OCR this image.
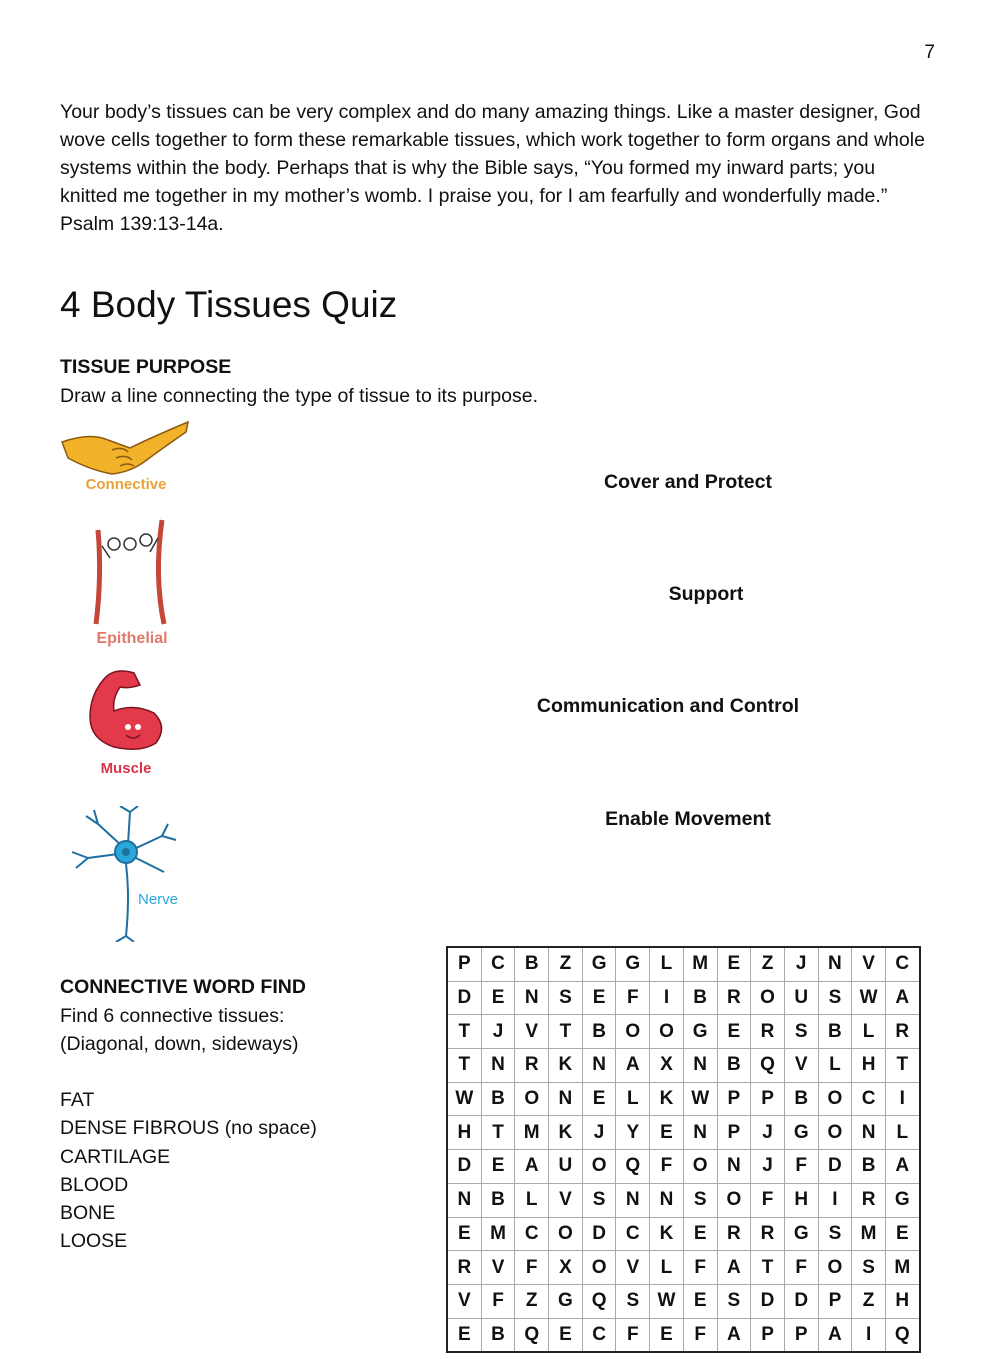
7

Your body’s tissues can be very complex and do many amazing things. Like a master designer, God wove cells together to form these remarkable tissues, which work together to form organs and whole systems within the body. Perhaps that is why the Bible says, “You formed my inward parts; you knitted me together in my mother’s womb. I praise you, for I am fearfully and wonderfully made.” Psalm 139:13-14a.

4 Body Tissues Quiz
TISSUE PURPOSE

Draw a line connecting the type of tissue to its purpose.

Connective
Epithelial
Muscle
Nerve
Cover and Protect
Support
Communication and Control
Enable Movement
CONNECTIVE WORD FIND

Find 6 connective tissues:

(Diagonal, down, sideways)

FAT
DENSE FIBROUS (no space)
CARTILAGE
BLOOD
BONE
LOOSE
P	C	B	Z	G	G	L	M	E	Z	J	N	V	C
D	E	N	S	E	F	I	B	R	O	U	S	W	A
T	J	V	T	B	O	O	G	E	R	S	B	L	R
T	N	R	K	N	A	X	N	B	Q	V	L	H	T
W	B	O	N	E	L	K	W	P	P	B	O	C	I
H	T	M	K	J	Y	E	N	P	J	G	O	N	L
D	E	A	U	O	Q	F	O	N	J	F	D	B	A
N	B	L	V	S	N	N	S	O	F	H	I	R	G
E	M	C	O	D	C	K	E	R	R	G	S	M	E
R	V	F	X	O	V	L	F	A	T	F	O	S	M
V	F	Z	G	Q	S	W	E	S	D	D	P	Z	H
E	B	Q	E	C	F	E	F	A	P	P	A	I	Q
